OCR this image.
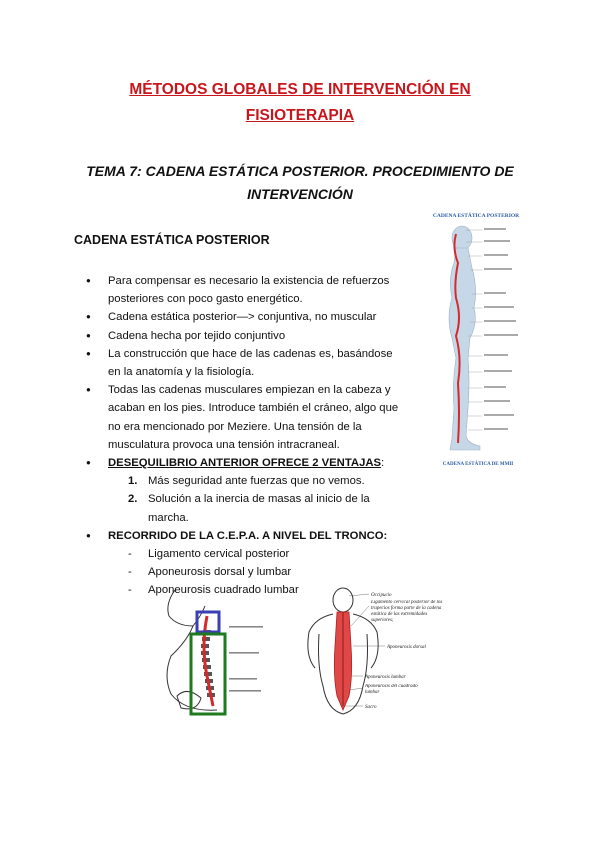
MÉTODOS GLOBALES DE INTERVENCIÓN EN
FISIOTERAPIA
TEMA 7: CADENA ESTÁTICA POSTERIOR. PROCEDIMIENTO DE
INTERVENCIÓN
CADENA ESTÁTICA POSTERIOR
● Para compensar es necesario la existencia de refuerzos posteriores con poco gasto energético.
● Cadena estática posterior—> conjuntiva, no muscular
● Cadena hecha por tejido conjuntivo
● La construcción que hace de las cadenas es, basándose en la anatomía y la fisiología.
● Todas las cadenas musculares empiezan en la cabeza y acaban en los pies. Introduce también el cráneo, algo que no era mencionado por Meziere. Una tensión de la musculatura provoca una tensión intracraneal.
● DESEQUILIBRIO ANTERIOR OFRECE 2 VENTAJAS:
1. Más seguridad ante fuerzas que no vemos.
2. Solución a la inercia de masas al inicio de la marcha.
● RECORRIDO DE LA C.E.P.A. A NIVEL DEL TRONCO:
- Ligamento cervical posterior
- Aponeurosis dorsal y lumbar
- Aponeurosis cuadrado lumbar
CADENA ESTÁTICA POSTERIOR
CADENA ESTÁTICA DE MMII
Occipucio
Ligamento cervical posterior de los trapecios forma parte de la cadena estática de las extremidades superiores;
Aponeurosis dorsal
Aponeurosis lumbar
Aponeurosis del cuadrado lumbar
Sacro
